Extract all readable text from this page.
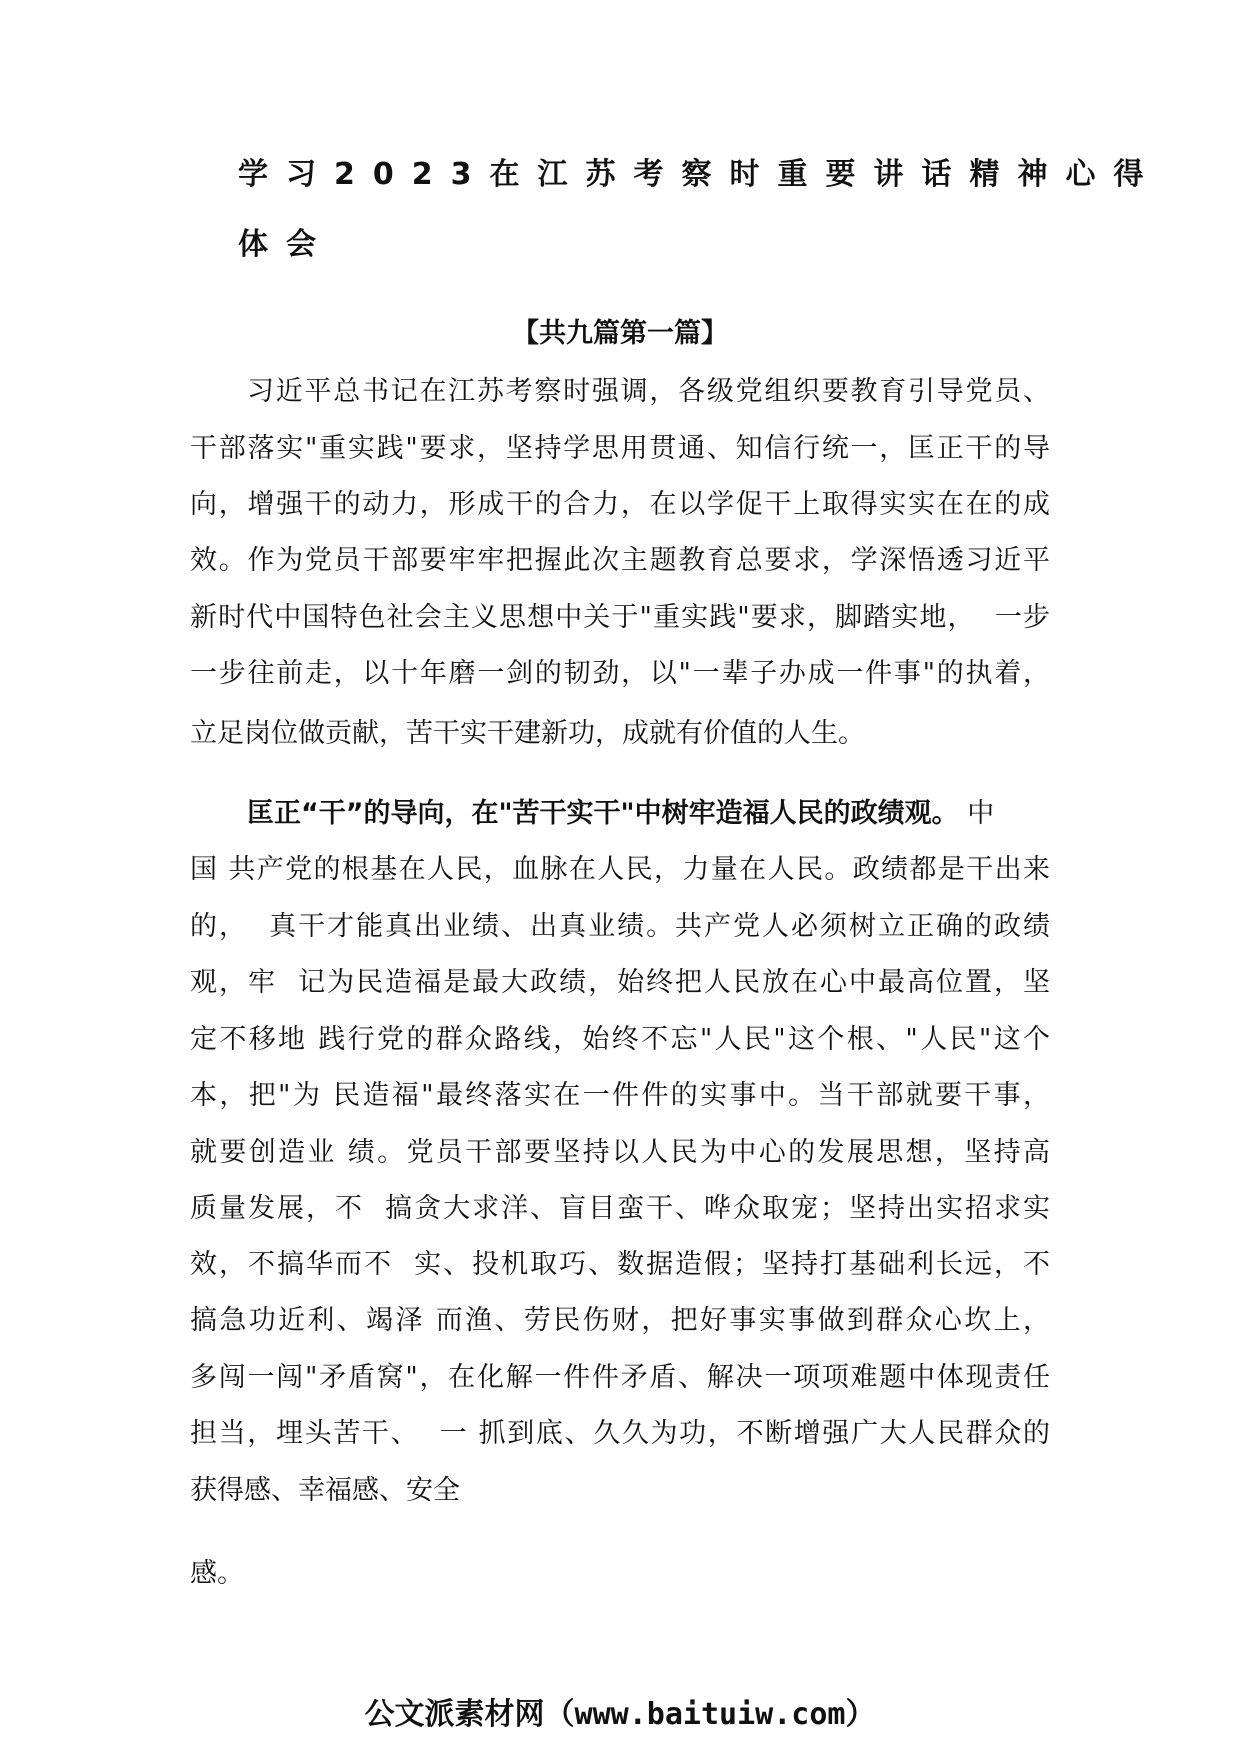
学习2023在江苏考察时重要讲话精神心得
体会
【共九篇第一篇】
习近平总书记在江苏考察时强调，各级党组织要教育引导党员、
干部落实"重实践"要求，坚持学思用贯通、知信行统一，匡正干的导
向，增强干的动力，形成干的合力，在以学促干上取得实实在在的成
效。作为党员干部要牢牢把握此次主题教育总要求，学深悟透习近平
新时代中国特色社会主义思想中关于"重实践"要求，脚踏实地，  一步
一步往前走，以十年磨一剑的韧劲，以"一辈子办成一件事"的执着，
立足岗位做贡献，苦干实干建新功，成就有价值的人生。
匡正“干”的导向，在"苦干实干"中树牢造福人民的政绩观。 中
国 共产党的根基在人民，血脉在人民，力量在人民。政绩都是干出来
的，  真干才能真出业绩、出真业绩。共产党人必须树立正确的政绩
观，牢  记为民造福是最大政绩，始终把人民放在心中最高位置，坚
定不移地 践行党的群众路线，始终不忘"人民"这个根、"人民"这个
本，把"为 民造福"最终落实在一件件的实事中。当干部就要干事，
就要创造业 绩。党员干部要坚持以人民为中心的发展思想，坚持高
质量发展，不  搞贪大求洋、盲目蛮干、哗众取宠；坚持出实招求实
效，不搞华而不  实、投机取巧、数据造假；坚持打基础利长远，不
搞急功近利、竭泽 而渔、劳民伤财，把好事实事做到群众心坎上，
多闯一闯"矛盾窝"，在化解一件件矛盾、解决一项项难题中体现责任
担当，埋头苦干、  一 抓到底、久久为功，不断增强广大人民群众的
获得感、幸福感、安全
感。
公文派素材网（www.baituiw.com）
